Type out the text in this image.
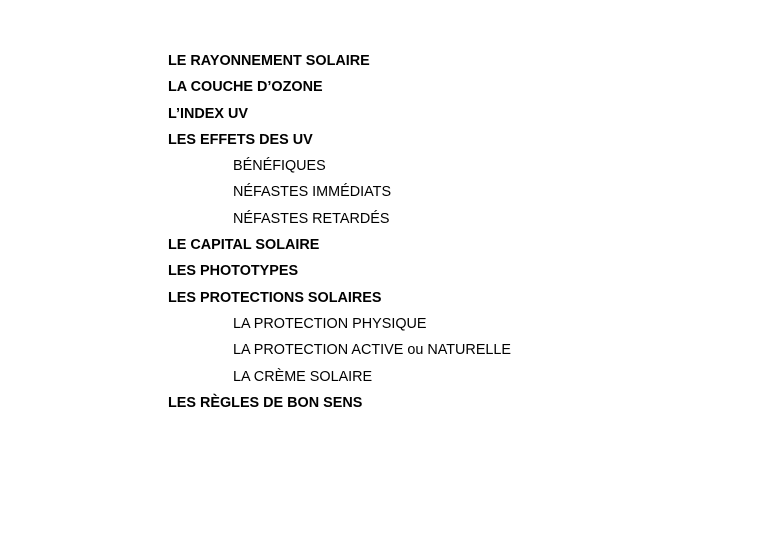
LE RAYONNEMENT SOLAIRE
LA COUCHE D’OZONE
L’INDEX UV
LES EFFETS DES UV
BÉNÉFIQUES
NÉFASTES IMMÉDIATS
NÉFASTES RETARDÉS
LE CAPITAL SOLAIRE
LES PHOTOTYPES
LES PROTECTIONS SOLAIRES
LA PROTECTION PHYSIQUE
LA PROTECTION ACTIVE ou NATURELLE
LA CRÈME SOLAIRE
LES RÈGLES DE BON SENS
